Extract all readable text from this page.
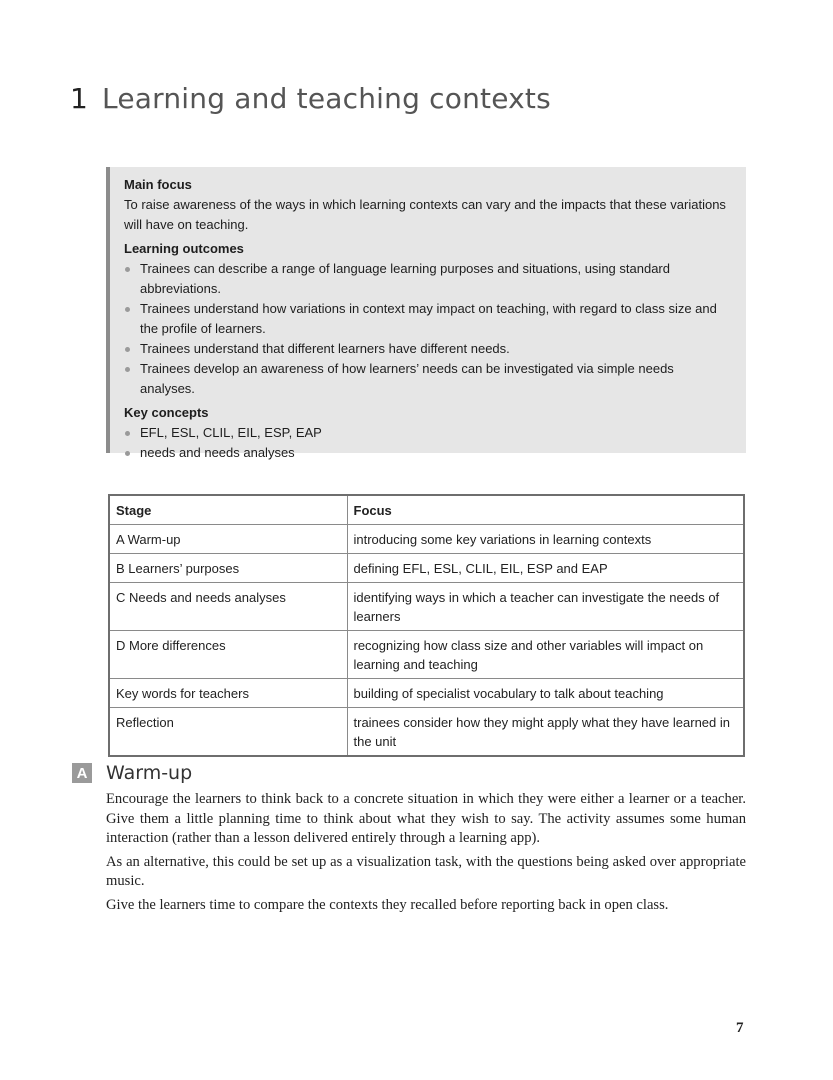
1 Learning and teaching contexts
Main focus

To raise awareness of the ways in which learning contexts can vary and the impacts that these variations will have on teaching.

Learning outcomes
Trainees can describe a range of language learning purposes and situations, using standard abbreviations.
Trainees understand how variations in context may impact on teaching, with regard to class size and the profile of learners.
Trainees understand that different learners have different needs.
Trainees develop an awareness of how learners’ needs can be investigated via simple needs analyses.
Key concepts
EFL, ESL, CLIL, EIL, ESP, EAP
needs and needs analyses
Stage	Focus
A Warm-up	introducing some key variations in learning contexts
B Learners’ purposes	defining EFL, ESL, CLIL, EIL, ESP and EAP
C Needs and needs analyses	identifying ways in which a teacher can investigate the needs of learners
D More differences	recognizing how class size and other variables will impact on learning and teaching
Key words for teachers	building of specialist vocabulary to talk about teaching
Reflection	trainees consider how they might apply what they have learned in the unit
A Warm-up

Encourage the learners to think back to a concrete situation in which they were either a learner or a teacher. Give them a little planning time to think about what they wish to say. The activity assumes some human interaction (rather than a lesson delivered entirely through a learning app).

As an alternative, this could be set up as a visualization task, with the questions being asked over appropriate music.

Give the learners time to compare the contexts they recalled before reporting back in open class.

7
